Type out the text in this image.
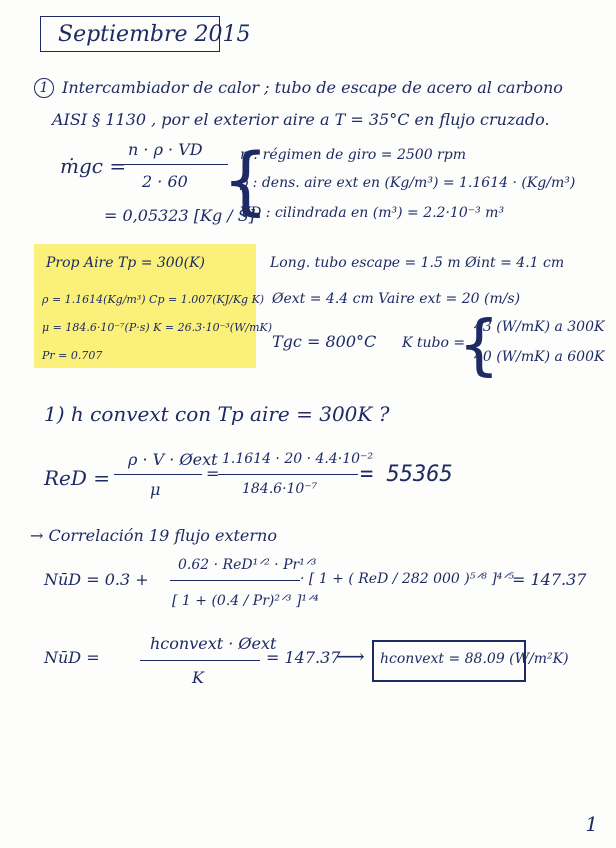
Septiembre 2015
1 Intercambiador de calor ; tubo de escape de acero al carbono
AISI § 1130 , por el exterior aire a T = 35°C en flujo cruzado.
ṁgc =
n · ρ · VD
2 · 60
= 0,05323 [Kg / S]
{
n : régimen de giro = 2500 rpm
ρ : dens. aire ext en (Kg/m³) = 1.1614 · (Kg/m³)
VD : cilindrada en (m³) = 2.2·10⁻³ m³
Prop Aire Tp = 300(K)
ρ = 1.1614(Kg/m³) Cp = 1.007(KJ/Kg K)
μ = 184.6·10⁻⁷(P·s) K = 26.3·10⁻³(W/mK)
Pr = 0.707
Long. tubo escape = 1.5 m Øint = 4.1 cm
Øext = 4.4 cm Vaire ext = 20 (m/s)
Tgc = 800°C K tubo =
{
43 (W/mK) a 300K
40 (W/mK) a 600K
1) h convext con Tp aire = 300K ?
ReD =
ρ · V · Øext
μ
=
1.1614 · 20 · 4.4·10⁻²
184.6·10⁻⁷
= 55365
→ Correlación 19 flujo externo
NūD = 0.3 +
0.62 · ReD¹ᐟ² · Pr¹ᐟ³
[ 1 + (0.4 / Pr)²ᐟ³ ]¹ᐟ⁴
· [ 1 + ( ReD / 282 000 )⁵ᐟ⁸ ]⁴ᐟ⁵
= 147.37
NūD =
hconvext · Øext
K
= 147.37
⟶ hconvext = 88.09 (W/m²K)
1
